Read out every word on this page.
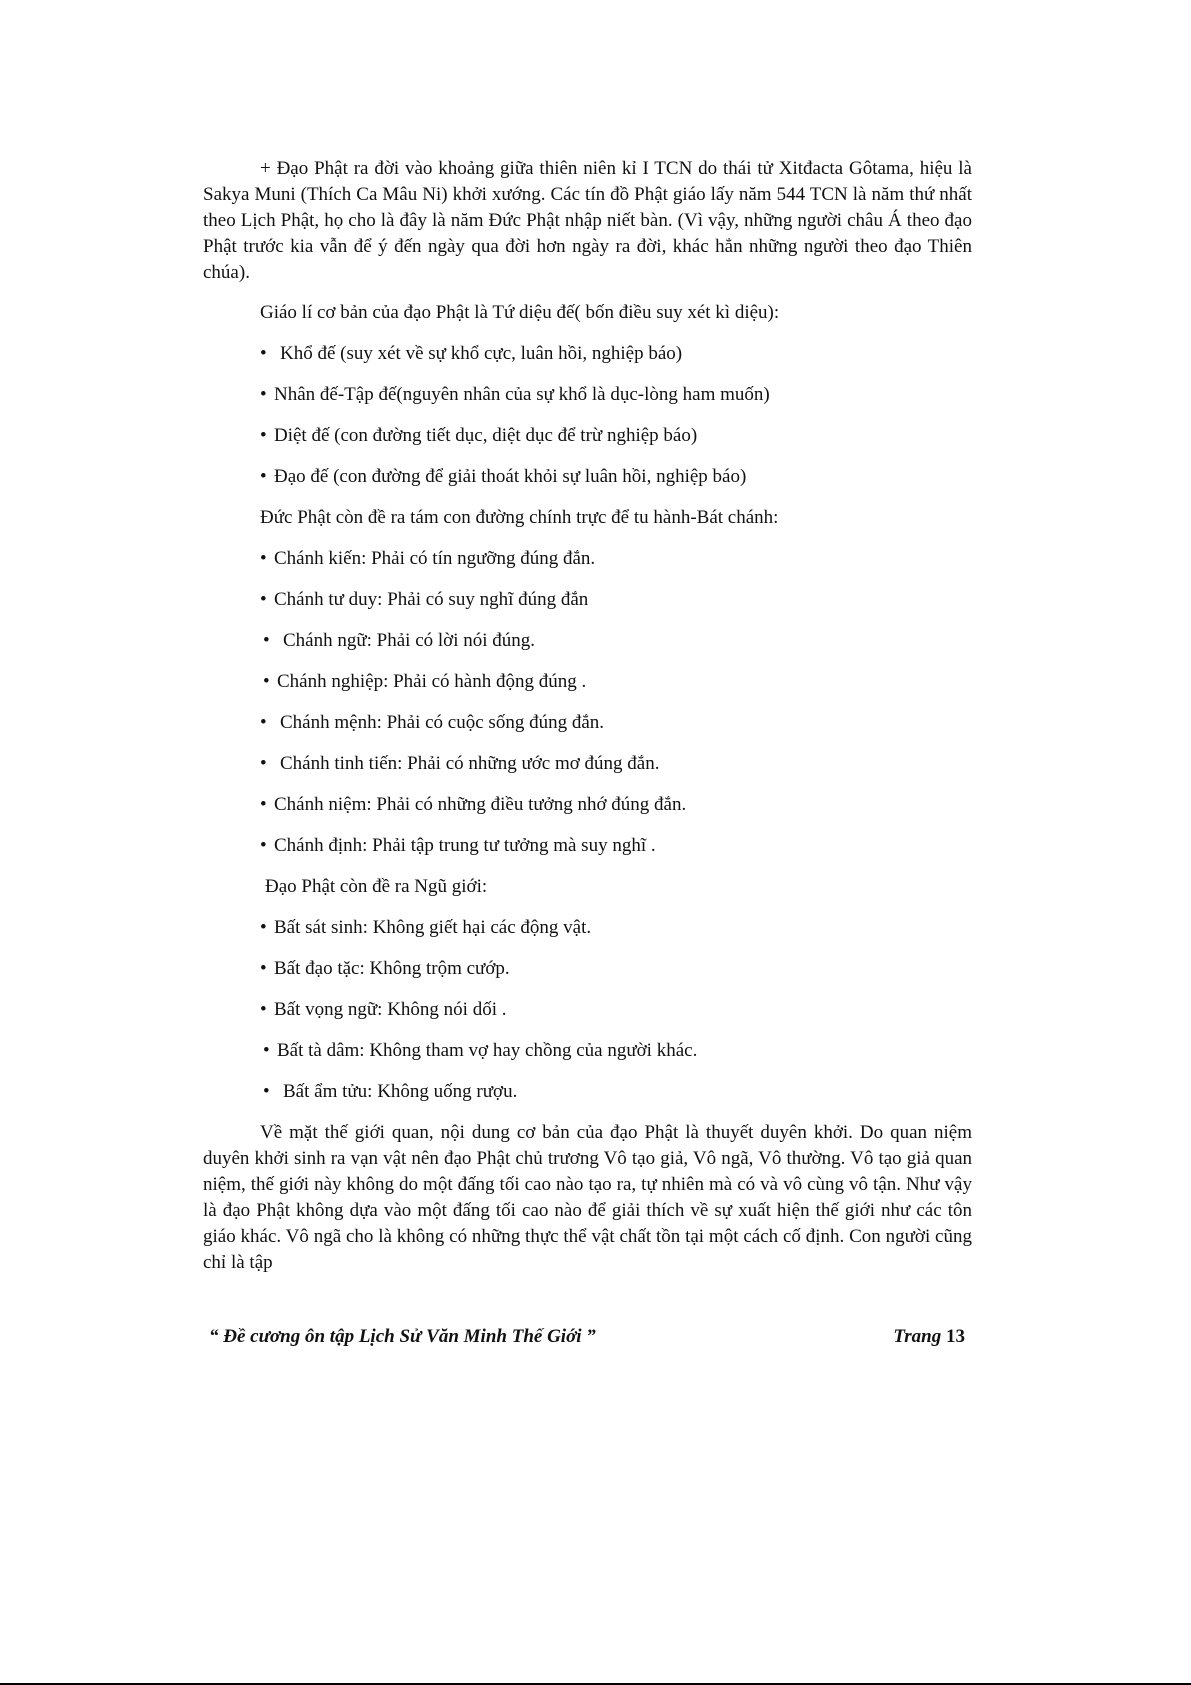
+ Đạo Phật ra đời vào khoảng giữa thiên niên kỉ I TCN do thái tử Xitđacta Gôtama, hiệu là Sakya Muni (Thích Ca Mâu Ni) khởi xướng. Các tín đồ Phật giáo lấy năm 544 TCN là năm thứ nhất theo Lịch Phật, họ cho là đây là năm Đức Phật nhập niết bàn. (Vì vậy, những người châu Á theo đạo Phật trước kia vẫn để ý đến ngày qua đời hơn ngày ra đời, khác hẳn những người theo đạo Thiên chúa).

Giáo lí cơ bản của đạo Phật là Tứ diệu đế( bốn điều suy xét kì diệu):
• Khổ đế (suy xét về sự khổ cực, luân hồi, nghiệp báo)
• Nhân đế-Tập đế(nguyên nhân của sự khổ là dục-lòng ham muốn)
• Diệt đế (con đường tiết dục, diệt dục để trừ nghiệp báo)
• Đạo đế (con đường để giải thoát khỏi sự luân hồi, nghiệp báo)
Đức Phật còn đề ra tám con đường chính trực để tu hành-Bát chánh:
• Chánh kiến: Phải có tín ngưỡng đúng đắn.
• Chánh tư duy: Phải có suy nghĩ đúng đắn
• Chánh ngữ: Phải có lời nói đúng.
• Chánh nghiệp: Phải có hành động đúng .
• Chánh mệnh: Phải có cuộc sống đúng đắn.
• Chánh tinh tiến: Phải có những ước mơ đúng đắn.
• Chánh niệm: Phải có những điều tưởng nhớ đúng đắn.
• Chánh định: Phải tập trung tư tưởng mà suy nghĩ .
Đạo Phật còn đề ra Ngũ giới:
• Bất sát sinh: Không giết hại các động vật.
• Bất đạo tặc: Không trộm cướp.
• Bất vọng ngữ: Không nói dối .
• Bất tà dâm: Không tham vợ hay chồng của người khác.
• Bất ẩm tửu: Không uống rượu.

Về mặt thế giới quan, nội dung cơ bản của đạo Phật là thuyết duyên khởi. Do quan niệm duyên khởi sinh ra vạn vật nên đạo Phật chủ trương Vô tạo giả, Vô ngã, Vô thường. Vô tạo giả quan niệm, thế giới này không do một đấng tối cao nào tạo ra, tự nhiên mà có và vô cùng vô tận. Như vậy là đạo Phật không dựa vào một đấng tối cao nào để giải thích về sự xuất hiện thế giới như các tôn giáo khác. Vô ngã cho là không có những thực thể vật chất tồn tại một cách cố định. Con người cũng chỉ là tập

“ Đề cương ôn tập Lịch Sử Văn Minh Thế Giới ”	Trang 13
